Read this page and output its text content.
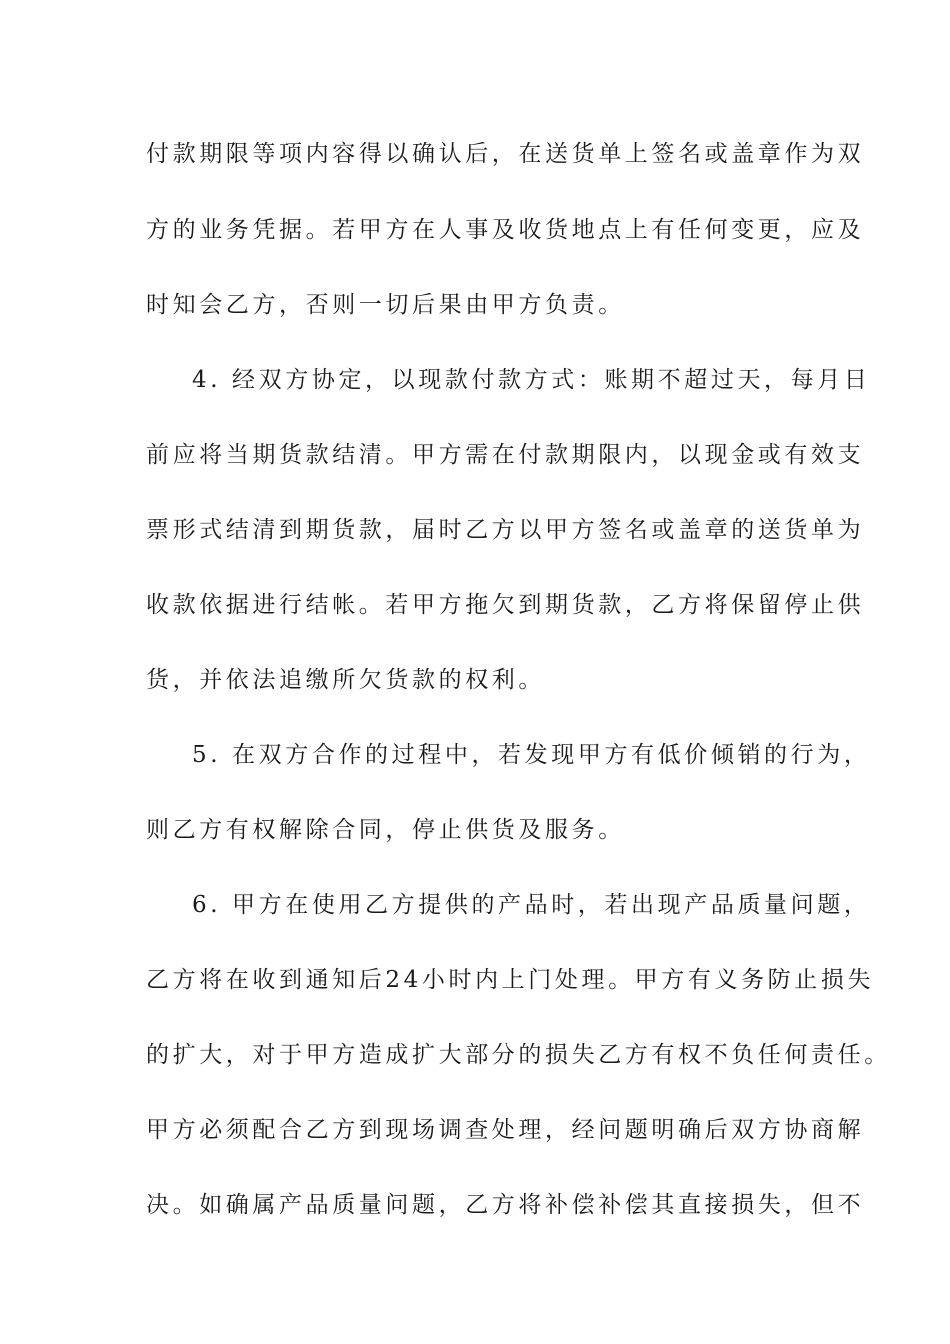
付款期限等项内容得以确认后，在送货单上签名或盖章作为双
方的业务凭据。若甲方在人事及收货地点上有任何变更，应及
时知会乙方，否则一切后果由甲方负责。
4. 经双方协定，以现款付款方式：账期不超过天，每月日
前应将当期货款结清。甲方需在付款期限内，以现金或有效支
票形式结清到期货款，届时乙方以甲方签名或盖章的送货单为
收款依据进行结帐。若甲方拖欠到期货款，乙方将保留停止供
货，并依法追缴所欠货款的权利。
5. 在双方合作的过程中，若发现甲方有低价倾销的行为，
则乙方有权解除合同，停止供货及服务。
6. 甲方在使用乙方提供的产品时，若出现产品质量问题，
乙方将在收到通知后24小时内上门处理。甲方有义务防止损失
的扩大，对于甲方造成扩大部分的损失乙方有权不负任何责任。
甲方必须配合乙方到现场调查处理，经问题明确后双方协商解
决。如确属产品质量问题，乙方将补偿补偿其直接损失，但不
